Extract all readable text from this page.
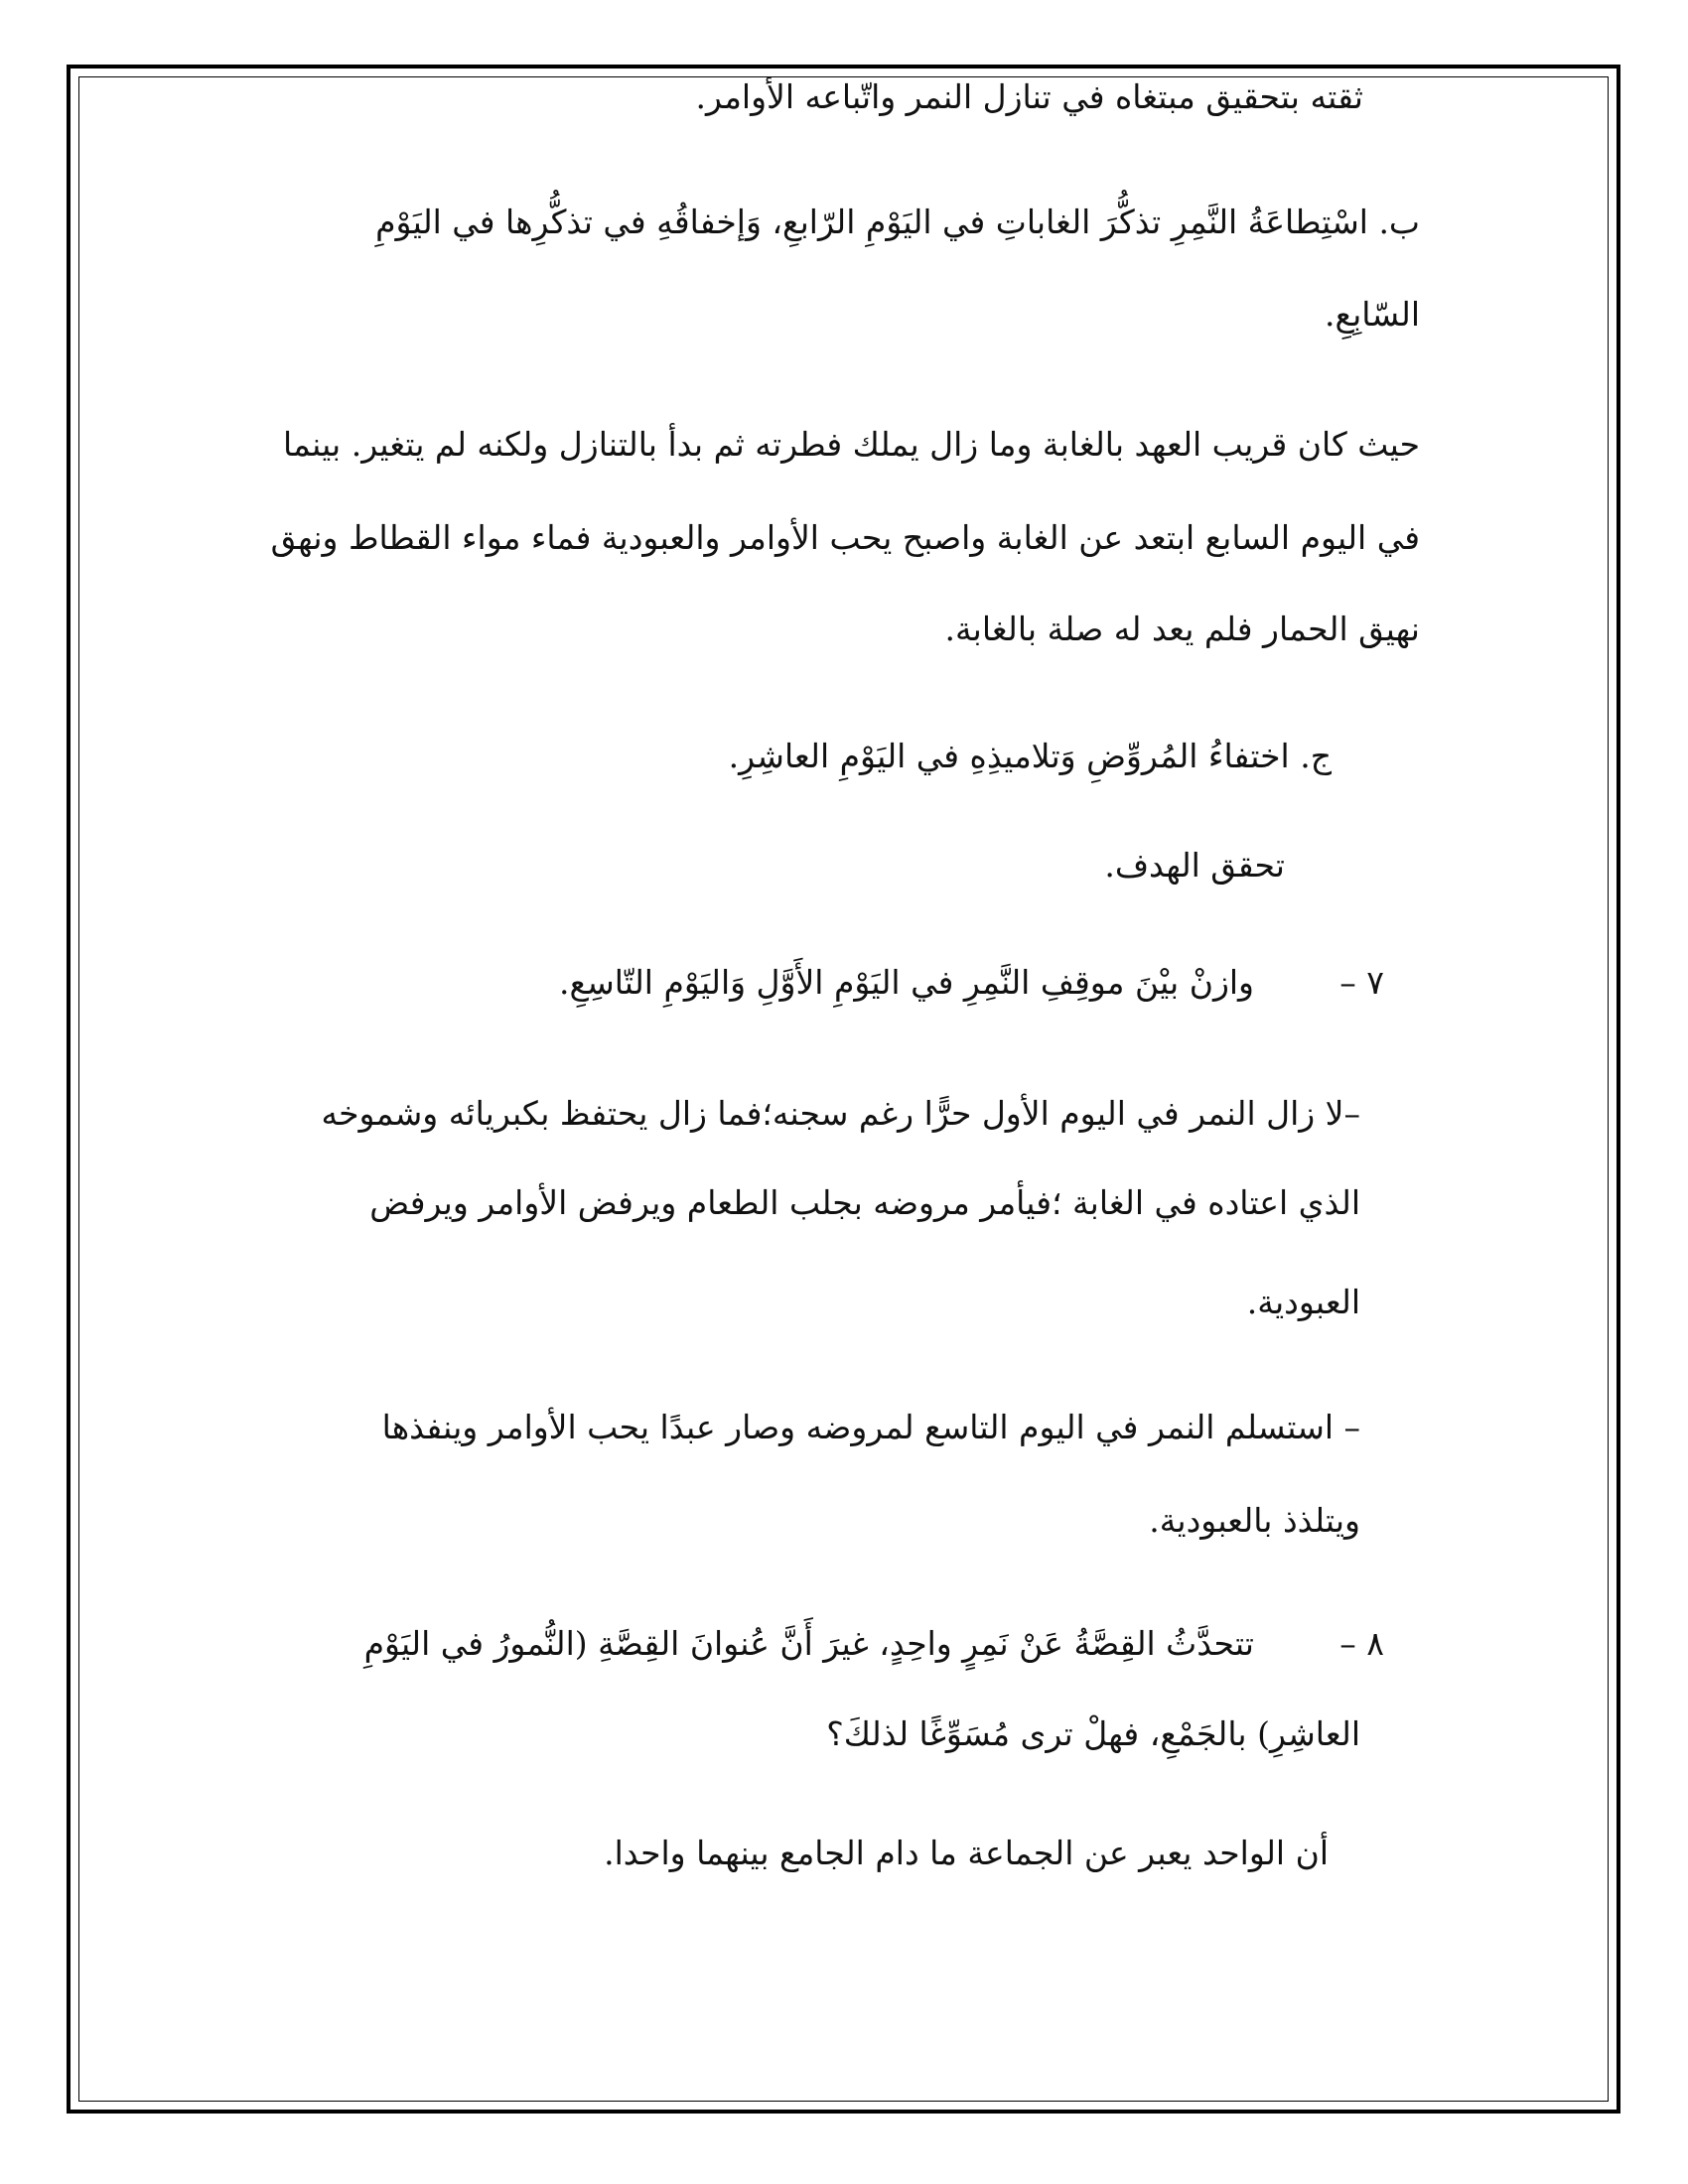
ثقته بتحقيق مبتغاه في تنازل النمر واتّباعه الأوامر.
ب. اسْتِطاعَةُ النَّمِرِ تذكُّرَ الغاباتِ في اليَوْمِ الرّابعِ، وَإخفاقُهِ في تذكُّرِها في اليَوْمِ
السّابِعِ.
حيث كان قريب العهد بالغابة وما زال يملك فطرته ثم بدأ بالتنازل ولكنه لم يتغير. بينما
في اليوم السابع ابتعد عن الغابة واصبح يحب الأوامر والعبودية فماء مواء القطاط ونهق
نهيق الحمار فلم يعد له صلة بالغابة.
ج. اختفاءُ المُروِّضِ وَتلاميذِهِ في اليَوْمِ العاشِرِ.
تحقق الهدف.
٧ –
وازنْ بيْنَ موقِفِ النَّمِرِ في اليَوْمِ الأَوَّلِ وَاليَوْمِ التّاسِعِ.
–لا زال النمر في اليوم الأول حرًّا رغم سجنه؛فما زال يحتفظ بكبريائه وشموخه
الذي اعتاده في الغابة ؛فيأمر مروضه بجلب الطعام ويرفض الأوامر ويرفض
العبودية.
– استسلم النمر في اليوم التاسع لمروضه وصار عبدًا يحب الأوامر وينفذها
ويتلذذ بالعبودية.
٨ –
تتحدَّثُ القِصَّةُ عَنْ نَمِرٍ واحِدٍ، غيرَ أَنَّ عُنوانَ القِصَّةِ (النُّمورُ في اليَوْمِ
العاشِرِ) بالجَمْعِ، فهلْ ترى مُسَوِّغًا لذلكَ؟
أن الواحد يعبر عن الجماعة ما دام الجامع بينهما واحدا.
